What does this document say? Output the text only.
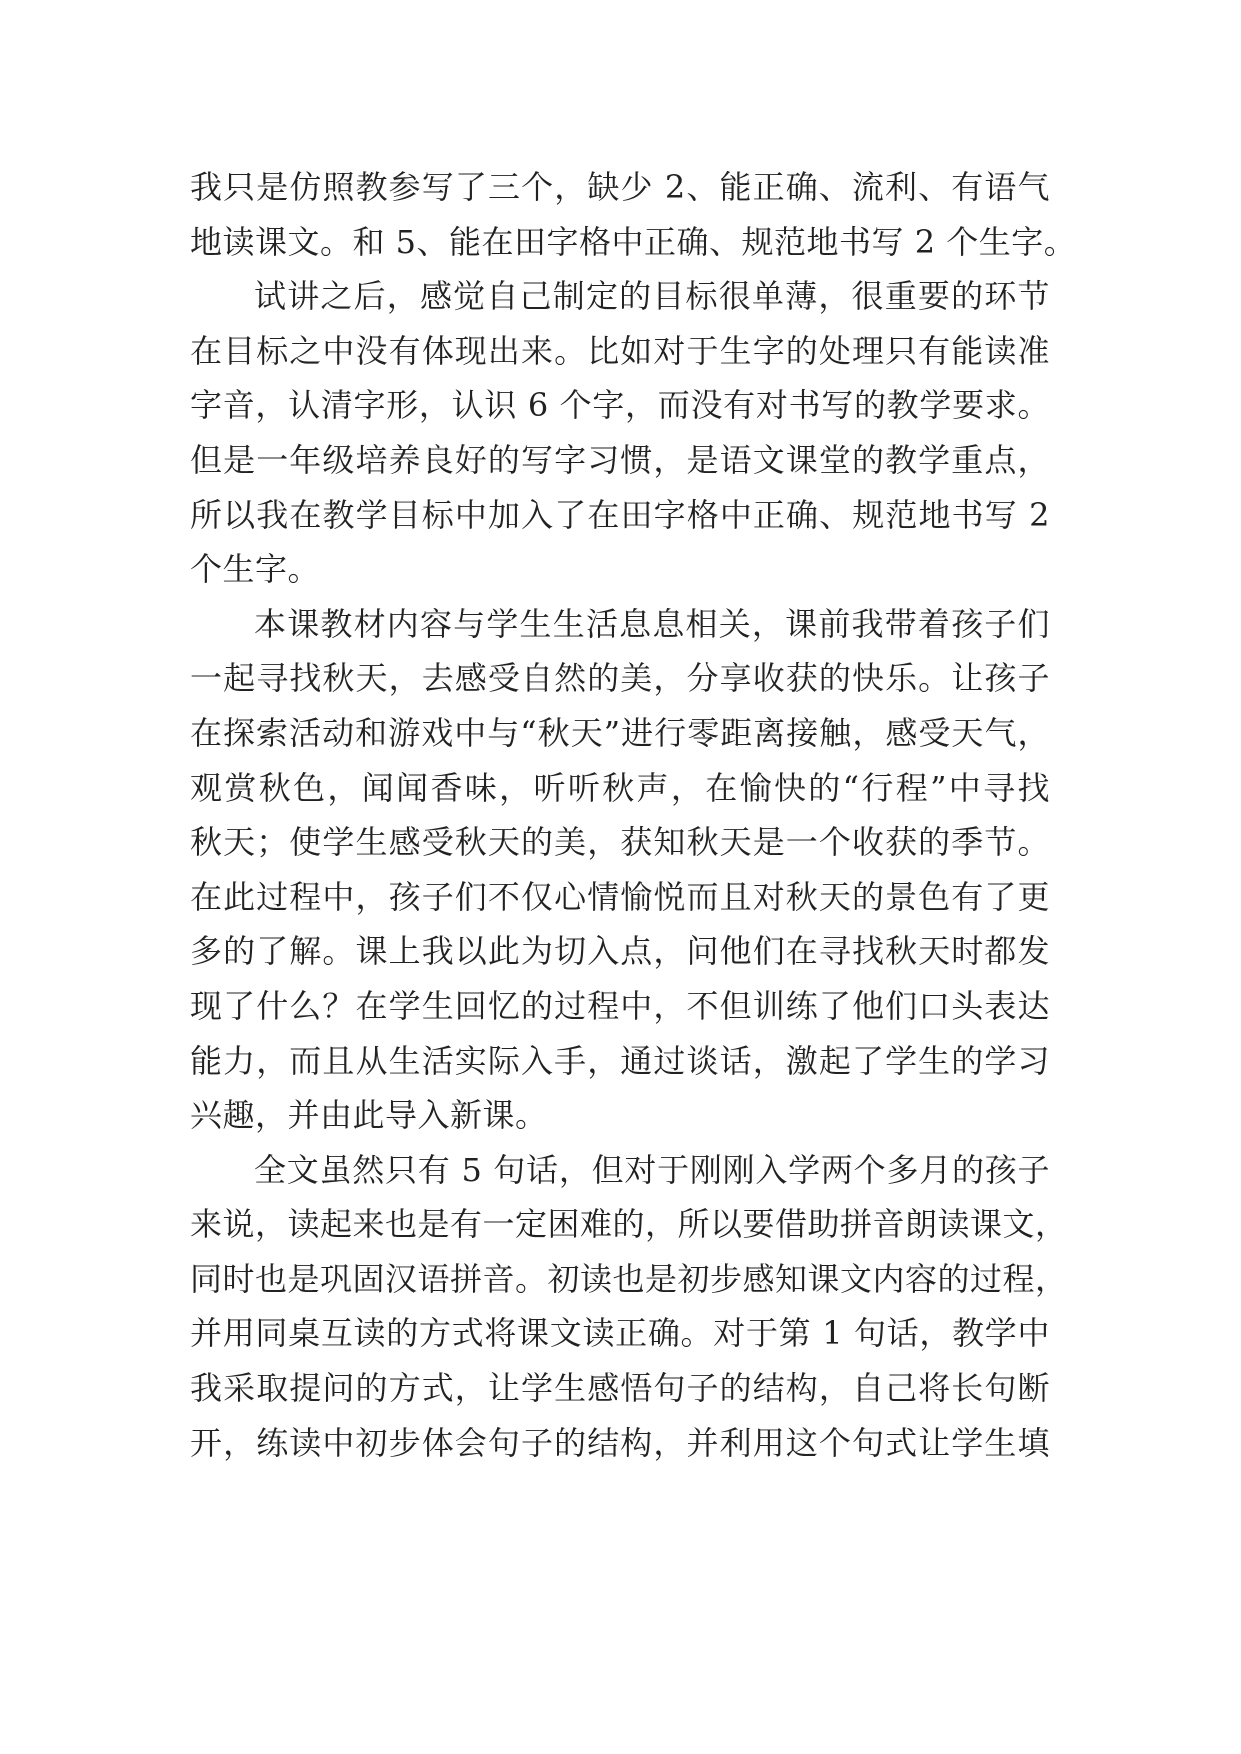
我只是仿照教参写了三个，缺少 2、能正确、流利、有语气
地读课文。和 5、能在田字格中正确、规范地书写 2 个生字。
试讲之后，感觉自己制定的目标很单薄，很重要的环节
在目标之中没有体现出来。比如对于生字的处理只有能读准
字音，认清字形，认识 6 个字，而没有对书写的教学要求。
但是一年级培养良好的写字习惯，是语文课堂的教学重点，
所以我在教学目标中加入了在田字格中正确、规范地书写 2
个生字。
本课教材内容与学生生活息息相关，课前我带着孩子们
一起寻找秋天，去感受自然的美，分享收获的快乐。让孩子
在探索活动和游戏中与“秋天”进行零距离接触，感受天气，
观赏秋色，闻闻香味，听听秋声，在愉快的“行程”中寻找
秋天；使学生感受秋天的美，获知秋天是一个收获的季节。
在此过程中，孩子们不仅心情愉悦而且对秋天的景色有了更
多的了解。课上我以此为切入点，问他们在寻找秋天时都发
现了什么？在学生回忆的过程中，不但训练了他们口头表达
能力，而且从生活实际入手，通过谈话，激起了学生的学习
兴趣，并由此导入新课。
全文虽然只有 5 句话，但对于刚刚入学两个多月的孩子
来说，读起来也是有一定困难的，所以要借助拼音朗读课文，
同时也是巩固汉语拼音。初读也是初步感知课文内容的过程，
并用同桌互读的方式将课文读正确。对于第 1 句话，教学中
我采取提问的方式，让学生感悟句子的结构，自己将长句断
开，练读中初步体会句子的结构，并利用这个句式让学生填
